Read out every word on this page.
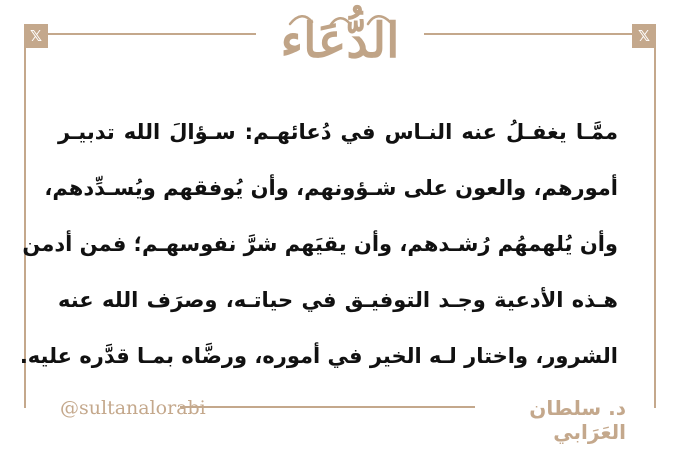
𝕏	𝕏
الدُّعَاء
ممَّـا يغفـلُ عنه النـاس في دُعائهـم: سـؤالَ الله تدبيـر
أمورهم، والعون على شـؤونهم، وأن يُوفقهم ويُسـدِّدهم،
وأن يُلهمهُم رُشـدهم، وأن يقيَهم شرَّ نفوسهـم؛ فمن أدمن
هـذه الأدعية وجـد التوفيـق في حياتـه، وصرَف الله عنه
الشرور، واختار لـه الخير في أموره، ورضَّاه بمـا قدَّره عليه.
@sultanalorabi	د. سلطان العَرَابي
